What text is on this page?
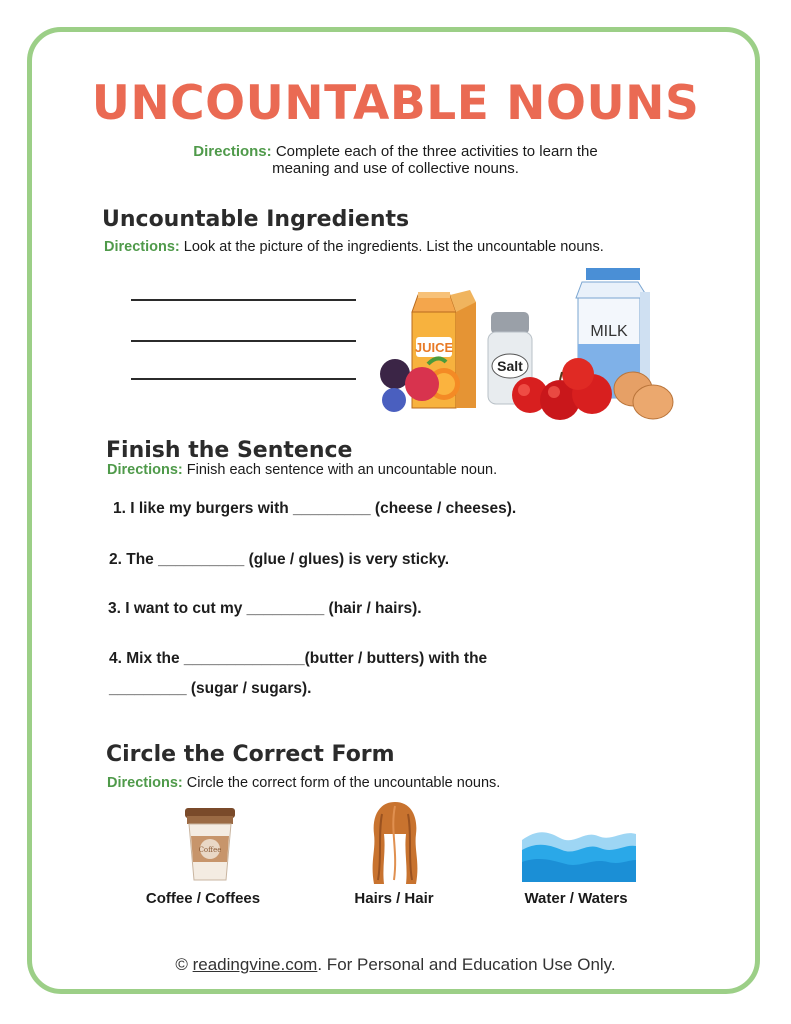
UNCOUNTABLE NOUNS
Directions: Complete each of the three activities to learn the
meaning and use of collective nouns.
Uncountable Ingredients
Directions: Look at the picture of the ingredients. List the uncountable nouns.
JUICE
Salt
MILK
Finish the Sentence
Directions: Finish each sentence with an uncountable noun.
1. I like my burgers with _________ (cheese / cheeses).
2. The __________ (glue / glues) is very sticky.
3. I want to cut my _________ (hair / hairs).
4. Mix the ______________(butter / butters) with the
_________ (sugar / sugars).
Circle the Correct Form
Directions: Circle the correct form of the uncountable nouns.
Coffee
Coffee / Coffees	Hairs / Hair	Water / Waters
© readingvine.com. For Personal and Education Use Only.
